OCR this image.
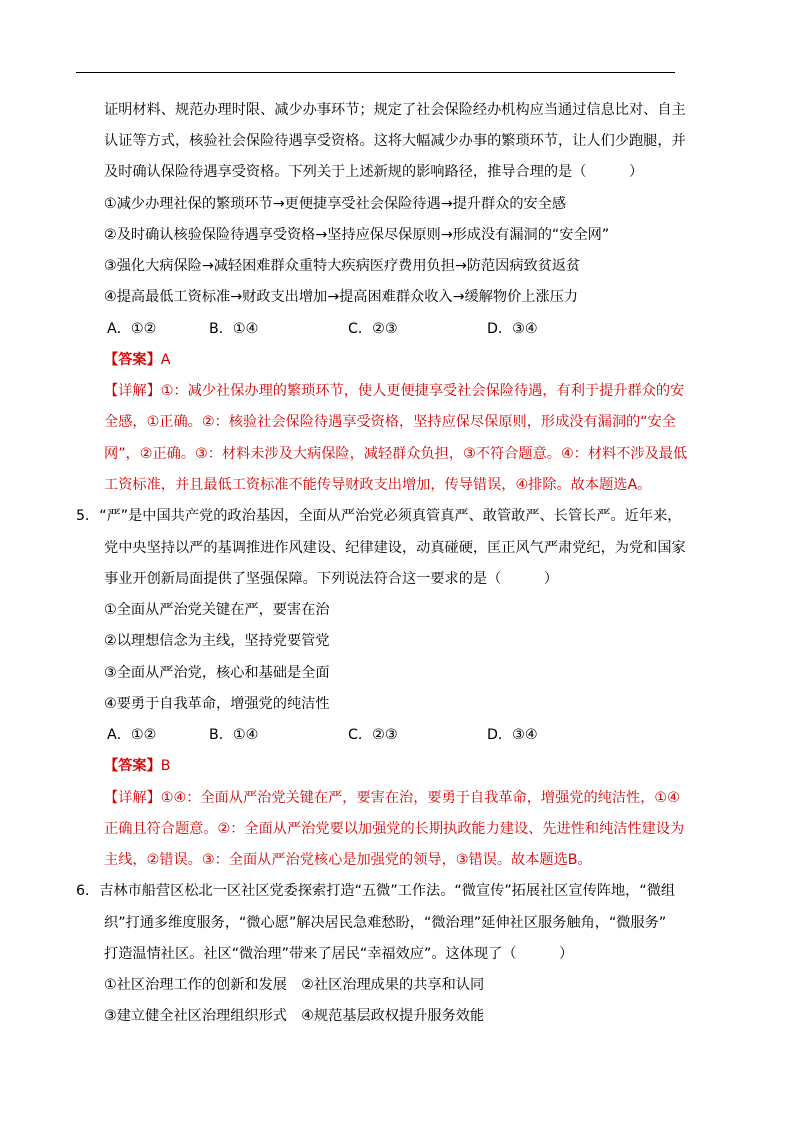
证明材料、规范办理时限、减少办事环节；规定了社会保险经办机构应当通过信息比对、自主
认证等方式，核验社会保险待遇享受资格。这将大幅减少办事的繁琐环节，让人们少跑腿，并
及时确认保险待遇享受资格。下列关于上述新规的影响路径，推导合理的是（　　　）
①减少办理社保的繁琐环节→更便捷享受社会保险待遇→提升群众的安全感
②及时确认核验保险待遇享受资格→坚持应保尽保原则→形成没有漏洞的“安全网”
③强化大病保险→减轻困难群众重特大疾病医疗费用负担→防范因病致贫返贫
④提高最低工资标准→财政支出增加→提高困难群众收入→缓解物价上涨压力
A．①②	B．①④	C．②③	D．③④
【答案】A
【详解】①：减少社保办理的繁琐环节，使人更便捷享受社会保险待遇，有利于提升群众的安
全感，①正确。②：核验社会保险待遇享受资格，坚持应保尽保原则，形成没有漏洞的“安全
网”，②正确。③：材料未涉及大病保险，减轻群众负担，③不符合题意。④：材料不涉及最低
工资标准，并且最低工资标准不能传导财政支出增加，传导错误，④排除。故本题选A。
5．“严”是中国共产党的政治基因，全面从严治党必须真管真严、敢管敢严、长管长严。近年来，
党中央坚持以严的基调推进作风建设、纪律建设，动真碰硬，匡正风气严肃党纪，为党和国家
事业开创新局面提供了坚强保障。下列说法符合这一要求的是（　　　）
①全面从严治党关键在严，要害在治
②以理想信念为主线，坚持党要管党
③全面从严治党，核心和基础是全面
④要勇于自我革命，增强党的纯洁性
A．①②	B．①④	C．②③	D．③④
【答案】B
【详解】①④：全面从严治党关键在严，要害在治，要勇于自我革命，增强党的纯洁性，①④
正确且符合题意。②：全面从严治党要以加强党的长期执政能力建设、先进性和纯洁性建设为
主线，②错误。③：全面从严治党核心是加强党的领导，③错误。故本题选B。
6．吉林市船营区松北一区社区党委探索打造“五微”工作法。“微宣传”拓展社区宣传阵地，“微组
织”打通多维度服务，“微心愿”解决居民急难愁盼，“微治理”延伸社区服务触角，“微服务”
打造温情社区。社区“微治理”带来了居民“幸福效应”。这体现了（　　　）
①社区治理工作的创新和发展　②社区治理成果的共享和认同
③建立健全社区治理组织形式　④规范基层政权提升服务效能
